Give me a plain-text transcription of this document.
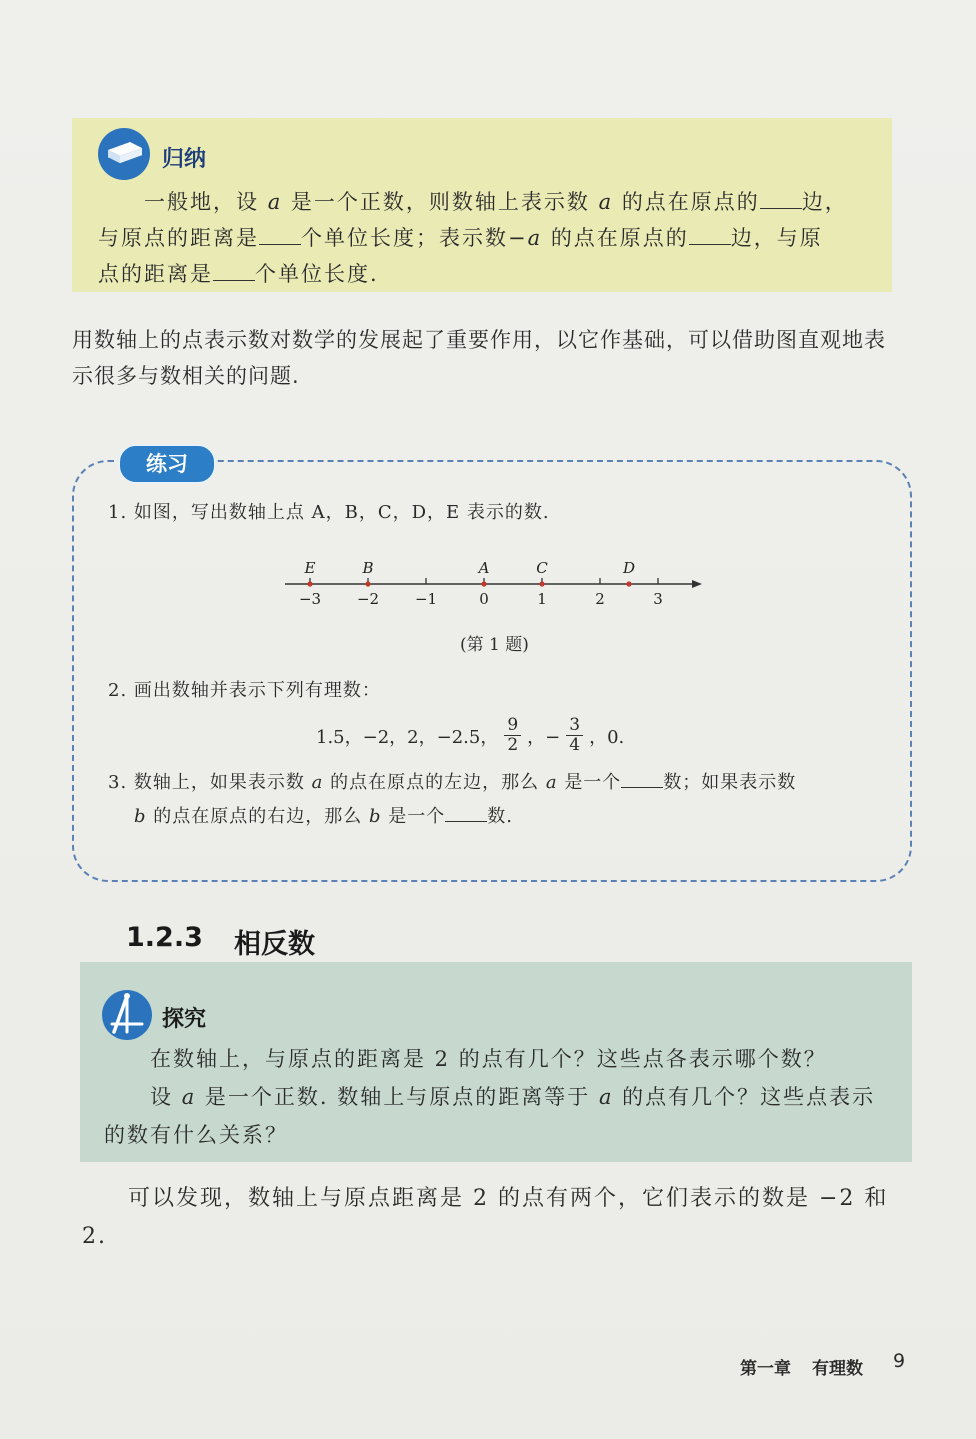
归纳
一般地，设 a 是一个正数，则数轴上表示数 a 的点在原点的 边，
与原点的距离是 个单位长度；表示数−a 的点在原点的 边，与原
点的距离是 个单位长度.
用数轴上的点表示数对数学的发展起了重要作用，以它作基础，可以借助图直观地表示很多与数相关的问题.
练习
1. 如图，写出数轴上点 A，B，C，D，E 表示的数.
−3 −2 −1	0	1	2	3
E	B	A	C	D
(第 1 题)
2. 画出数轴并表示下列有理数：
1.5，−2，2，−2.5， $\frac{9}{2}$ ，− $\frac{3}{4}$ ，0.
3. 数轴上，如果表示数 a 的点在原点的左边，那么 a 是一个 数；如果表示数
b 的点在原点的右边，那么 b 是一个 数.
1.2.3 相反数
探究
在数轴上，与原点的距离是 2 的点有几个？这些点各表示哪个数？
设 a 是一个正数. 数轴上与原点的距离等于 a 的点有几个？这些点表示的数有什么关系？
可以发现，数轴上与原点距离是 2 的点有两个，它们表示的数是 −2 和 2.
第一章 有理数 9
